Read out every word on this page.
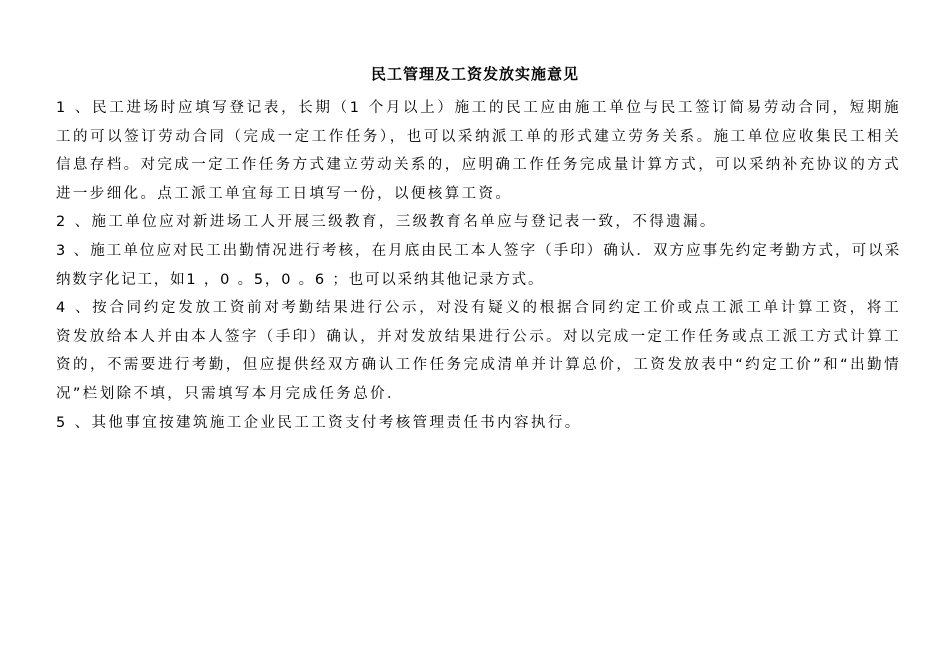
民工管理及工资发放实施意见

1 、民工进场时应填写登记表，长期（1 个月以上）施工的民工应由施工单位与民工签订简易劳动合同，短期施工的可以签订劳动合同（完成一定工作任务），也可以采纳派工单的形式建立劳务关系。施工单位应收集民工相关信息存档。对完成一定工作任务方式建立劳动关系的，应明确工作任务完成量计算方式，可以采纳补充协议的方式进一步细化。点工派工单宜每工日填写一份，以便核算工资。

2 、施工单位应对新进场工人开展三级教育，三级教育名单应与登记表一致，不得遗漏。

3 、施工单位应对民工出勤情况进行考核，在月底由民工本人签字（手印）确认．双方应事先约定考勤方式，可以采纳数字化记工，如1 ，0 。5，0 。6 ；也可以采纳其他记录方式。

4 、按合同约定发放工资前对考勤结果进行公示，对没有疑义的根据合同约定工价或点工派工单计算工资，将工资发放给本人并由本人签字（手印）确认，并对发放结果进行公示。对以完成一定工作任务或点工派工方式计算工资的，不需要进行考勤，但应提供经双方确认工作任务完成清单并计算总价，工资发放表中“约定工价”和“出勤情况”栏划除不填，只需填写本月完成任务总价．

5 、其他事宜按建筑施工企业民工工资支付考核管理责任书内容执行。
